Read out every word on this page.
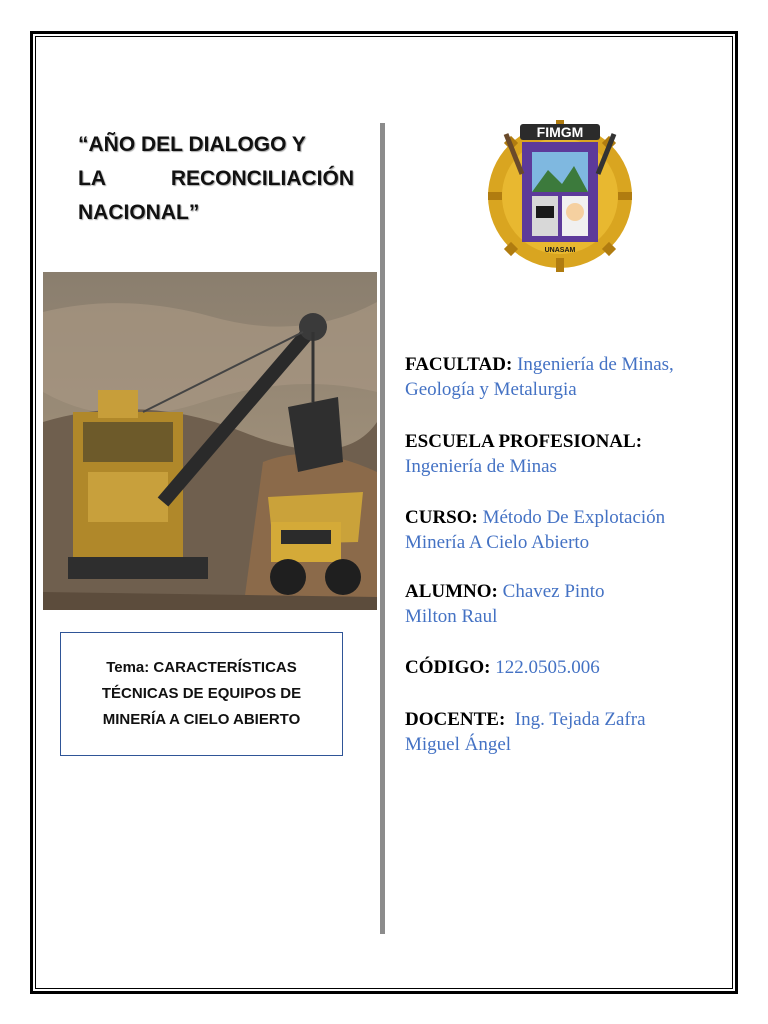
“AÑO DEL DIALOGO Y
LA	RECONCILIACIÓN
NACIONAL”
Tema: CARACTERÍSTICAS TÉCNICAS DE EQUIPOS DE MINERÍA A CIELO ABIERTO
FIMGM
UNASAM
FACULTAD: Ingeniería de Minas,
Geología y Metalurgia
ESCUELA PROFESIONAL:
Ingeniería de Minas
CURSO: Método De Explotación
Minería A Cielo Abierto
ALUMNO: Chavez Pinto
Milton Raul
CÓDIGO: 122.0505.006
DOCENTE:  Ing. Tejada Zafra
Miguel Ángel
